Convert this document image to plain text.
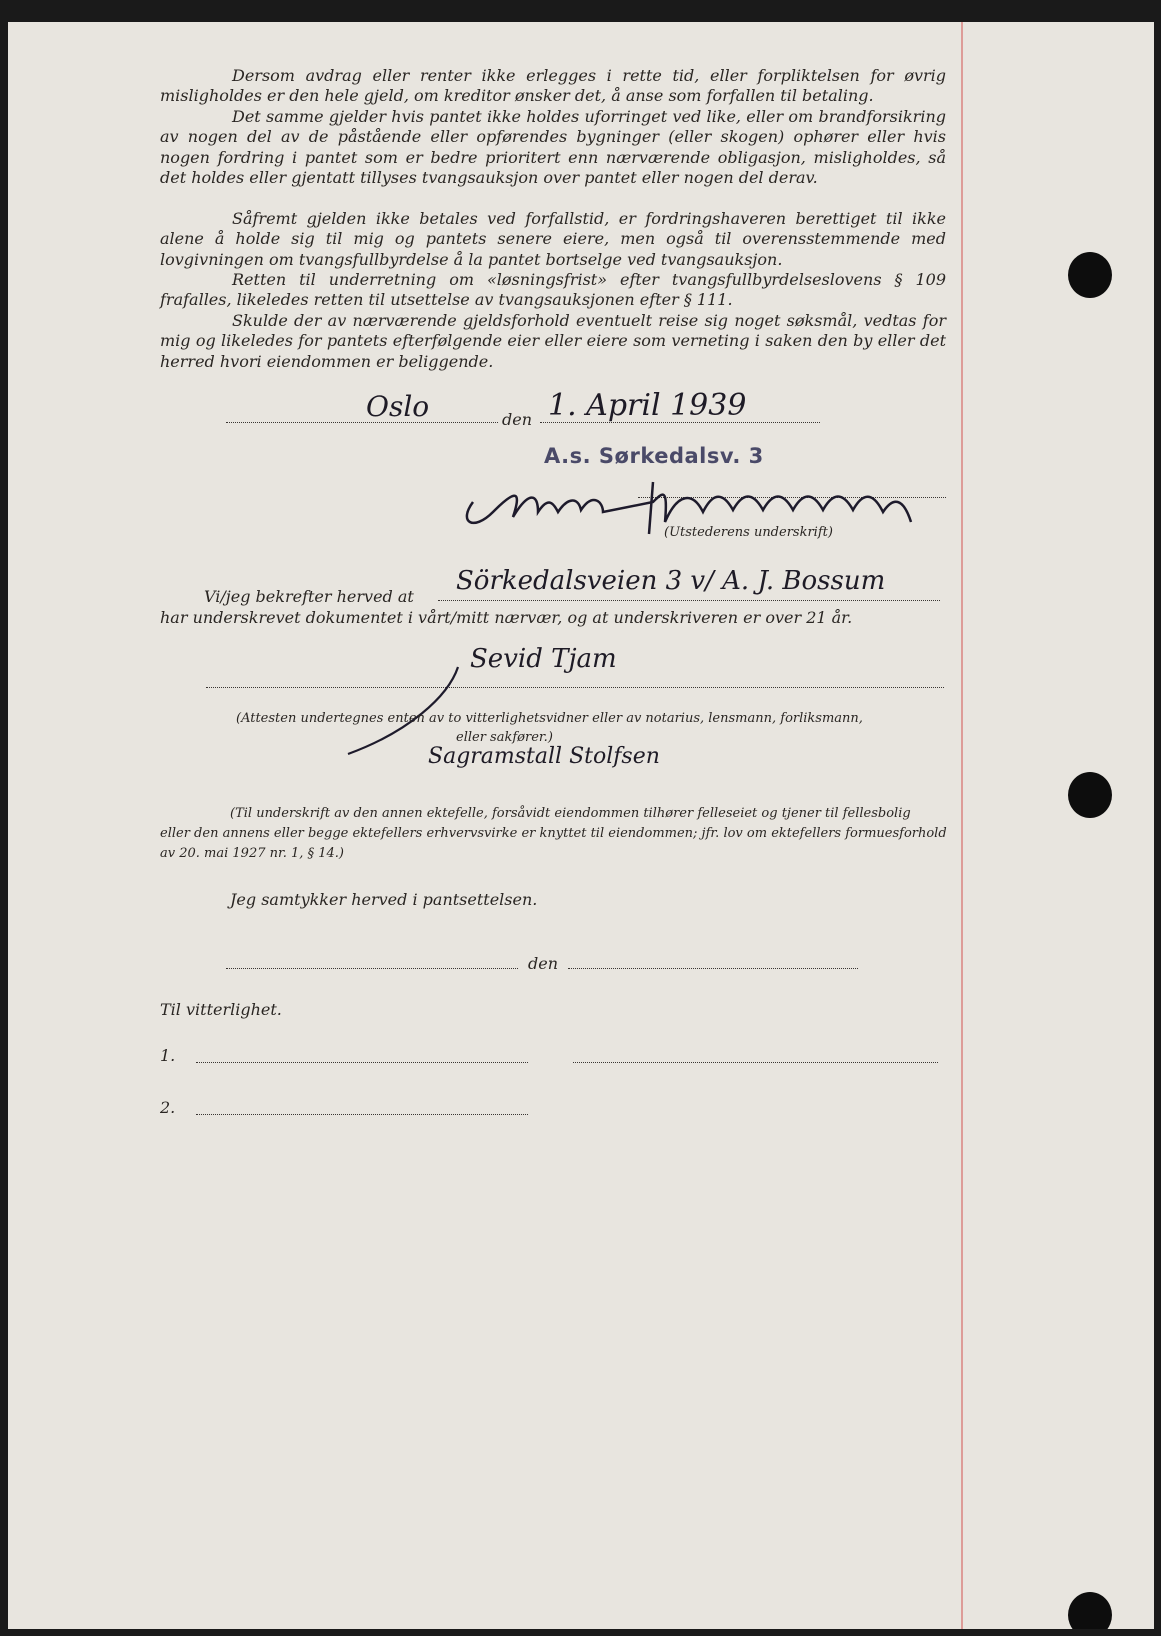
Dersom avdrag eller renter ikke erlegges i rette tid, eller forpliktelsen for øvrig misligholdes er den hele gjeld, om kreditor ønsker det, å anse som forfallen til betaling.

Det samme gjelder hvis pantet ikke holdes uforringet ved like, eller om brandforsikring av nogen del av de påstående eller opførendes bygninger (eller skogen) ophører eller hvis nogen fordring i pantet som er bedre prioritert enn nærværende obligasjon, misligholdes, så det holdes eller gjentatt tillyses tvangsauksjon over pantet eller nogen del derav.

Såfremt gjelden ikke betales ved forfallstid, er fordringshaveren berettiget til ikke alene å holde sig til mig og pantets senere eiere, men også til overensstemmende med lovgivningen om tvangsfullbyrdelse å la pantet bortselge ved tvangsauksjon.

Retten til underretning om «løsningsfrist» efter tvangsfullbyrdelseslovens § 109 frafalles, likeledes retten til utsettelse av tvangsauksjonen efter § 111.

Skulde der av nærværende gjeldsforhold eventuelt reise sig noget søksmål, vedtas for mig og likeledes for pantets efterfølgende eier eller eiere som verneting i saken den by eller det herred hvori eiendommen er beliggende.

Oslo	den 1. April 1939
A.s. Sørkedalsv. 3
(Utstederens underskrift)
Vi/jeg bekrefter herved at
Sörkedalsveien 3 v/ A. J. Bossum
har underskrevet dokumentet i vårt/mitt nærvær, og at underskriveren er over 21 år.
Sevid Tjam
(Attesten undertegnes enten av to vitterlighetsvidner eller av notarius, lensmann, forliksmann,
eller sakfører.)
Sagramstall Stolfsen
(Til underskrift av den annen ektefelle, forsåvidt eiendommen tilhører felleseiet og tjener til fellesbolig
eller den annens eller begge ektefellers erhvervsvirke er knyttet til eiendommen; jfr. lov om ektefellers formuesforhold
av 20. mai 1927 nr. 1, § 14.)
Jeg samtykker herved i pantsettelsen.
den
Til vitterlighet.
1.
2.
